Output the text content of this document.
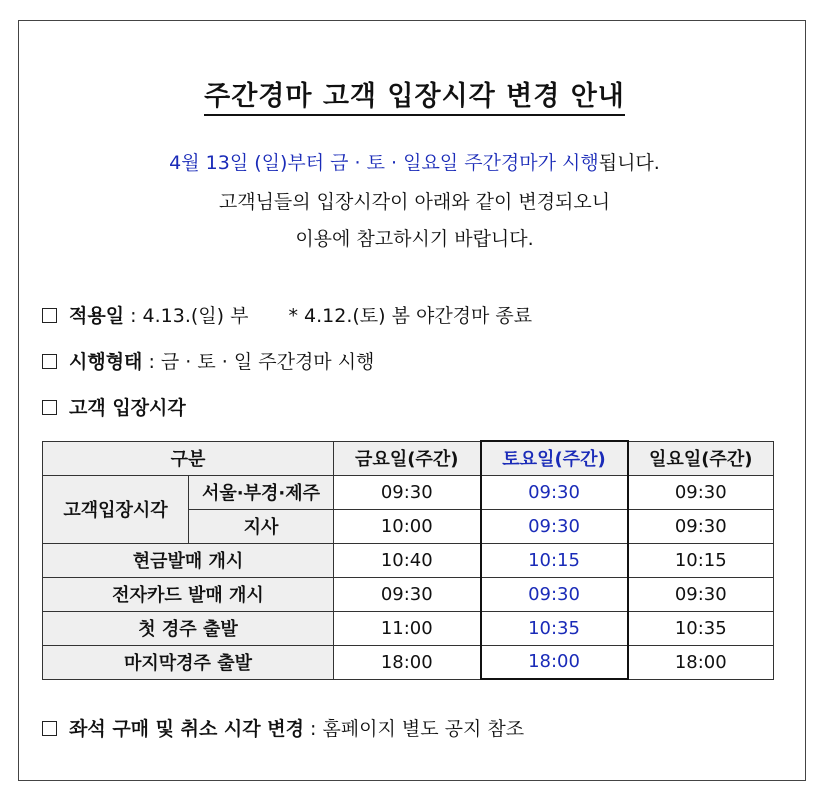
주간경마 고객 입장시각 변경 안내
4월 13일 (일)부터 금 · 토 · 일요일 주간경마가 시행됩니다.
고객님들의 입장시각이 아래와 같이 변경되오니
이용에 참고하시기 바랍니다.
적용일 : 4.13.(일) 부 * 4.12.(토) 봄 야간경마 종료
시행형태 : 금 · 토 · 일 주간경마 시행
고객 입장시각
구분		금요일(주간)	토요일(주간)	일요일(주간)
고객입장시각	서울·부경·제주	09:30	09:30	09:30
	지사	10:00	09:30	09:30
현금발매 개시		10:40	10:15	10:15
전자카드 발매 개시		09:30	09:30	09:30
첫 경주 출발		11:00	10:35	10:35
마지막경주 출발		18:00	18:00	18:00
좌석 구매 및 취소 시각 변경 : 홈페이지 별도 공지 참조
